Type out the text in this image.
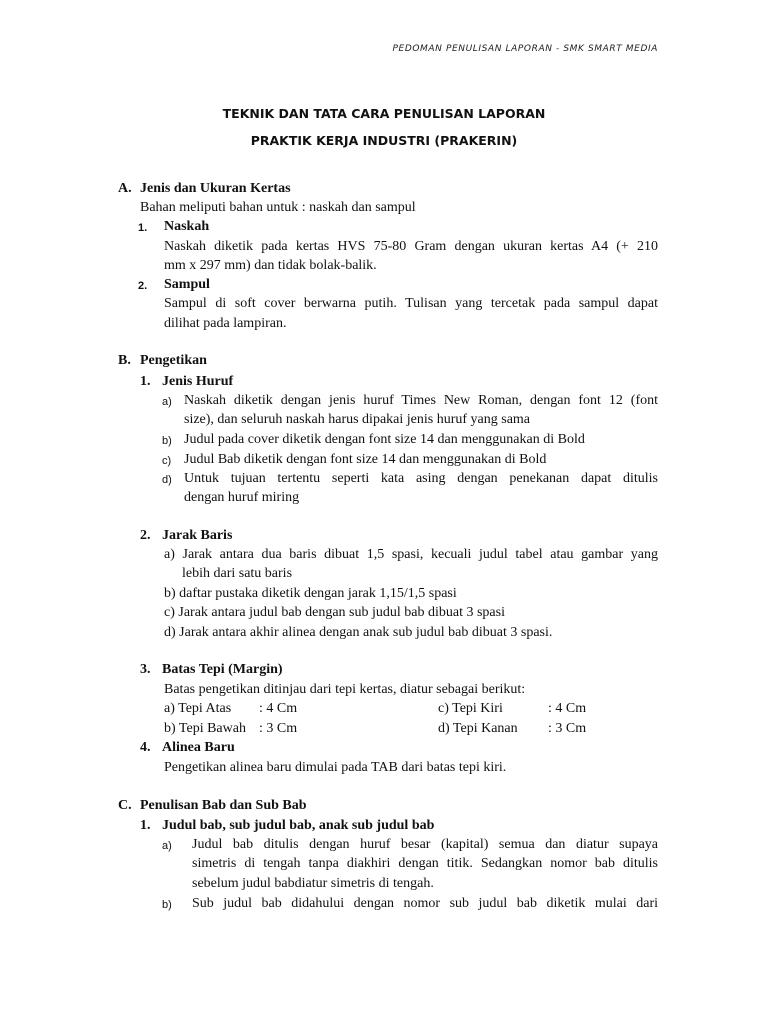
PEDOMAN PENULISAN LAPORAN - SMK SMART MEDIA
TEKNIK DAN TATA CARA PENULISAN LAPORAN
PRAKTIK KERJA INDUSTRI (PRAKERIN)
A. Jenis dan Ukuran Kertas
Bahan meliputi bahan untuk : naskah dan sampul
1. Naskah
Naskah diketik pada kertas HVS 75-80 Gram dengan ukuran kertas A4 (+ 210
mm x 297 mm) dan tidak bolak-balik.
2. Sampul
Sampul di soft cover berwarna putih. Tulisan yang tercetak pada sampul dapat
dilihat pada lampiran.
B. Pengetikan
1. Jenis Huruf
a) Naskah diketik dengan jenis huruf Times New Roman, dengan font 12 (font
size), dan seluruh naskah harus dipakai jenis huruf yang sama
b) Judul pada cover diketik dengan font size 14 dan menggunakan di Bold
c) Judul Bab diketik dengan font size 14 dan menggunakan di Bold
d) Untuk tujuan tertentu seperti kata asing dengan penekanan dapat ditulis
dengan huruf miring
2. Jarak Baris
a) Jarak antara dua baris dibuat 1,5 spasi, kecuali judul tabel atau gambar yang
lebih dari satu baris
b) daftar pustaka diketik dengan jarak 1,15/1,5 spasi
c) Jarak antara judul bab dengan sub judul bab dibuat 3 spasi
d) Jarak antara akhir alinea dengan anak sub judul bab dibuat 3 spasi.
3. Batas Tepi (Margin)
Batas pengetikan ditinjau dari tepi kertas, diatur sebagai berikut:
a) Tepi Atas : 4 Cm	c) Tepi Kiri	: 4 Cm
b) Tepi Bawah : 3 Cm	d) Tepi Kanan : 3 Cm
4. Alinea Baru
Pengetikan alinea baru dimulai pada TAB dari batas tepi kiri.
C. Penulisan Bab dan Sub Bab
1. Judul bab, sub judul bab, anak sub judul bab
a) Judul bab ditulis dengan huruf besar (kapital) semua dan diatur supaya
simetris di tengah tanpa diakhiri dengan titik. Sedangkan nomor bab ditulis
sebelum judul babdiatur simetris di tengah.
b) Sub judul bab didahului dengan nomor sub judul bab diketik mulai dari
